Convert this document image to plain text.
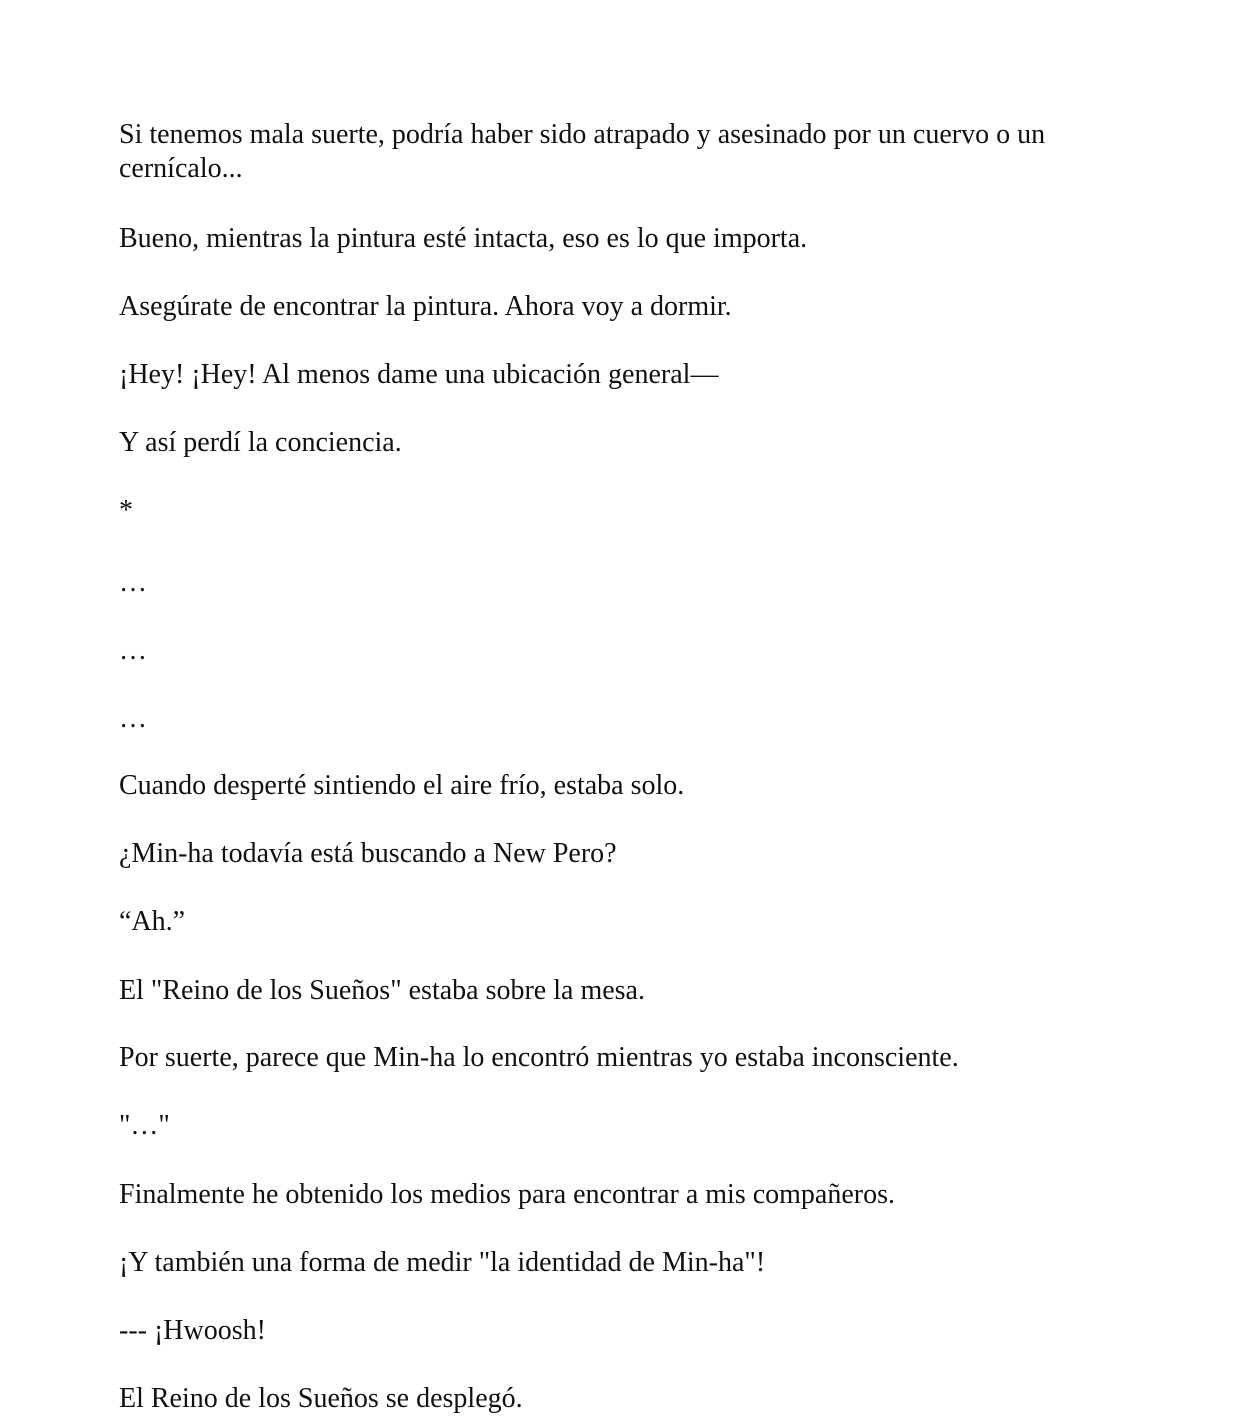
Si tenemos mala suerte, podría haber sido atrapado y asesinado por un cuervo o un cernícalo...

Bueno, mientras la pintura esté intacta, eso es lo que importa.

Asegúrate de encontrar la pintura. Ahora voy a dormir.

¡Hey! ¡Hey! Al menos dame una ubicación general—

Y así perdí la conciencia.

*

…

…

…

Cuando desperté sintiendo el aire frío, estaba solo.

¿Min-ha todavía está buscando a New Pero?

“Ah.”

El "Reino de los Sueños" estaba sobre la mesa.

Por suerte, parece que Min-ha lo encontró mientras yo estaba inconsciente.

"…"

Finalmente he obtenido los medios para encontrar a mis compañeros.

¡Y también una forma de medir "la identidad de Min-ha"!

--- ¡Hwoosh!

El Reino de los Sueños se desplegó.
